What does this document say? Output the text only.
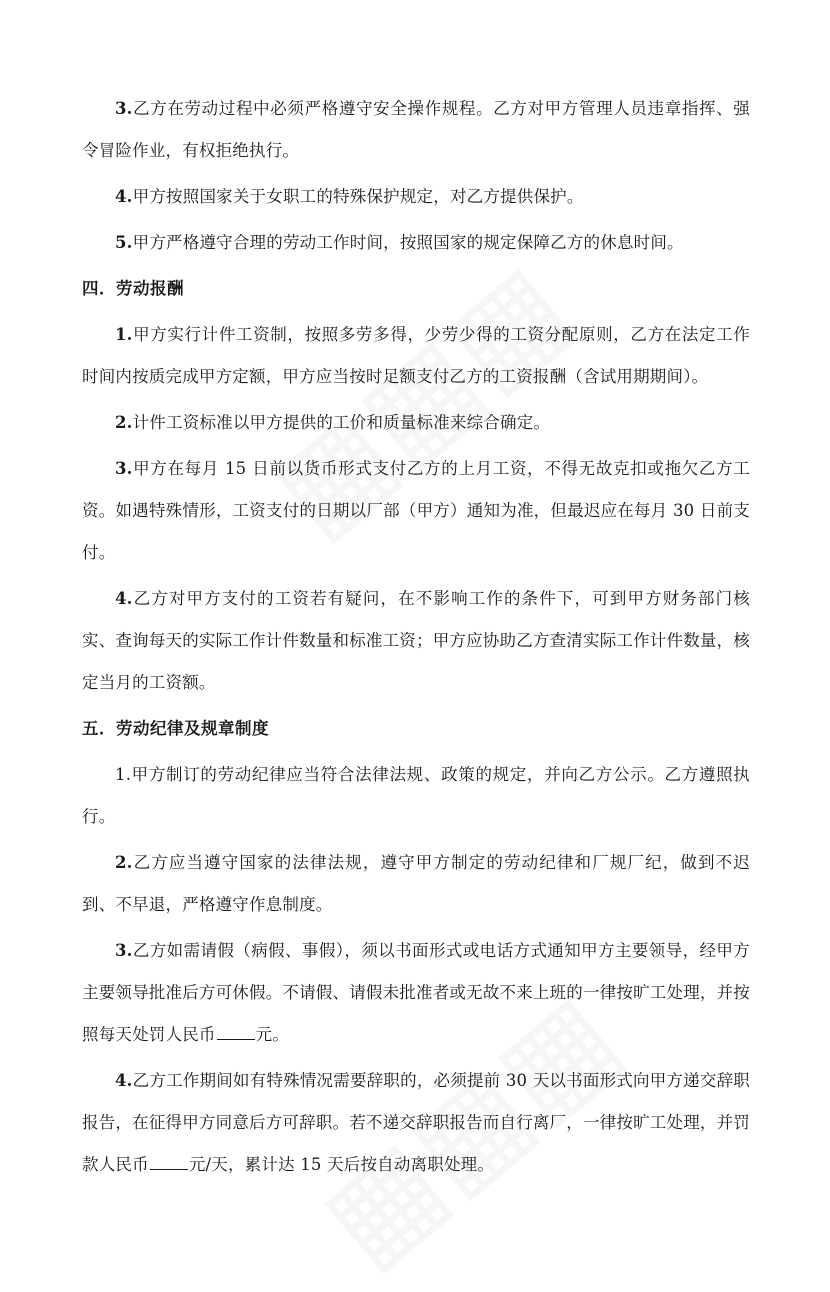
3.乙方在劳动过程中必须严格遵守安全操作规程。乙方对甲方管理人员违章指挥、强令冒险作业，有权拒绝执行。

4.甲方按照国家关于女职工的特殊保护规定，对乙方提供保护。

5.甲方严格遵守合理的劳动工作时间，按照国家的规定保障乙方的休息时间。

四．劳动报酬

1.甲方实行计件工资制，按照多劳多得，少劳少得的工资分配原则，乙方在法定工作时间内按质完成甲方定额，甲方应当按时足额支付乙方的工资报酬（含试用期期间）。

2.计件工资标准以甲方提供的工价和质量标准来综合确定。

3.甲方在每月 15 日前以货币形式支付乙方的上月工资，不得无故克扣或拖欠乙方工资。如遇特殊情形，工资支付的日期以厂部（甲方）通知为准，但最迟应在每月 30 日前支付。

4.乙方对甲方支付的工资若有疑问，在不影响工作的条件下，可到甲方财务部门核实、查询每天的实际工作计件数量和标准工资；甲方应协助乙方查清实际工作计件数量，核定当月的工资额。

五．劳动纪律及规章制度

1.甲方制订的劳动纪律应当符合法律法规、政策的规定，并向乙方公示。乙方遵照执行。

2.乙方应当遵守国家的法律法规，遵守甲方制定的劳动纪律和厂规厂纪，做到不迟到、不早退，严格遵守作息制度。

3.乙方如需请假（病假、事假），须以书面形式或电话方式通知甲方主要领导，经甲方主要领导批准后方可休假。不请假、请假未批准者或无故不来上班的一律按旷工处理，并按照每天处罚人民币 元。

4.乙方工作期间如有特殊情况需要辞职的，必须提前 30 天以书面形式向甲方递交辞职报告，在征得甲方同意后方可辞职。若不递交辞职报告而自行离厂，一律按旷工处理，并罚款人民币 元/天，累计达 15 天后按自动离职处理。
